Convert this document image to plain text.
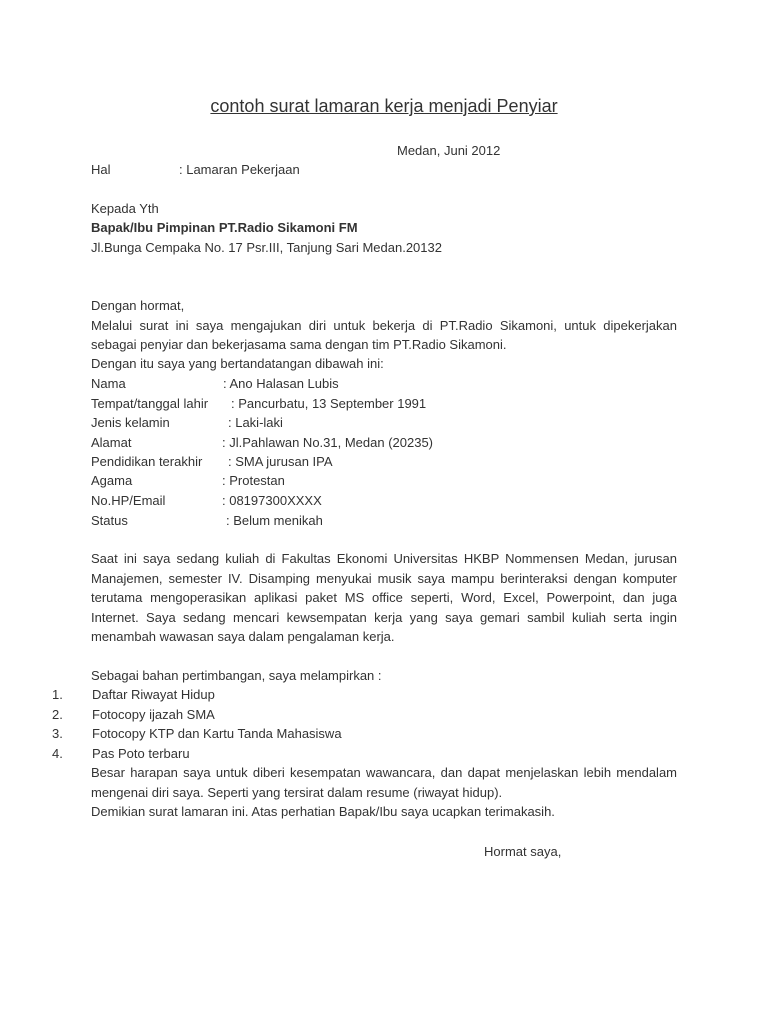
contoh surat lamaran kerja menjadi Penyiar
Medan, Juni 2012
Hal	: Lamaran Pekerjaan
Kepada Yth
Bapak/Ibu Pimpinan PT.Radio Sikamoni FM
Jl.Bunga Cempaka No. 17 Psr.III, Tanjung Sari Medan.20132
Dengan hormat,
Melalui surat ini saya mengajukan diri untuk bekerja di PT.Radio Sikamoni, untuk dipekerjakan
sebagai penyiar dan bekerjasama sama dengan tim PT.Radio Sikamoni.
Dengan itu saya yang bertandatangan dibawah ini:
Nama	: Ano Halasan Lubis
Tempat/tanggal lahir : Pancurbatu, 13 September 1991
Jenis kelamin	: Laki-laki
Alamat	: Jl.Pahlawan No.31, Medan (20235)
Pendidikan terakhir : SMA jurusan IPA
Agama	: Protestan
No.HP/Email	: 08197300XXXX
Status	: Belum menikah
Saat ini saya sedang kuliah di Fakultas Ekonomi Universitas HKBP Nommensen Medan, jurusan
Manajemen, semester IV. Disamping menyukai musik saya mampu berinteraksi dengan komputer
terutama mengoperasikan aplikasi paket MS office seperti, Word, Excel, Powerpoint, dan juga
Internet. Saya sedang mencari kewsempatan kerja yang saya gemari sambil kuliah serta ingin
menambah wawasan saya dalam pengalaman kerja.
Sebagai bahan pertimbangan, saya melampirkan :
1. Daftar Riwayat Hidup
2. Fotocopy ijazah SMA
3. Fotocopy KTP dan Kartu Tanda Mahasiswa
4. Pas Poto terbaru
Besar harapan saya untuk diberi kesempatan wawancara, dan dapat menjelaskan lebih mendalam
mengenai diri saya. Seperti yang tersirat dalam resume (riwayat hidup).
Demikian surat lamaran ini. Atas perhatian Bapak/Ibu saya ucapkan terimakasih.
Hormat saya,
